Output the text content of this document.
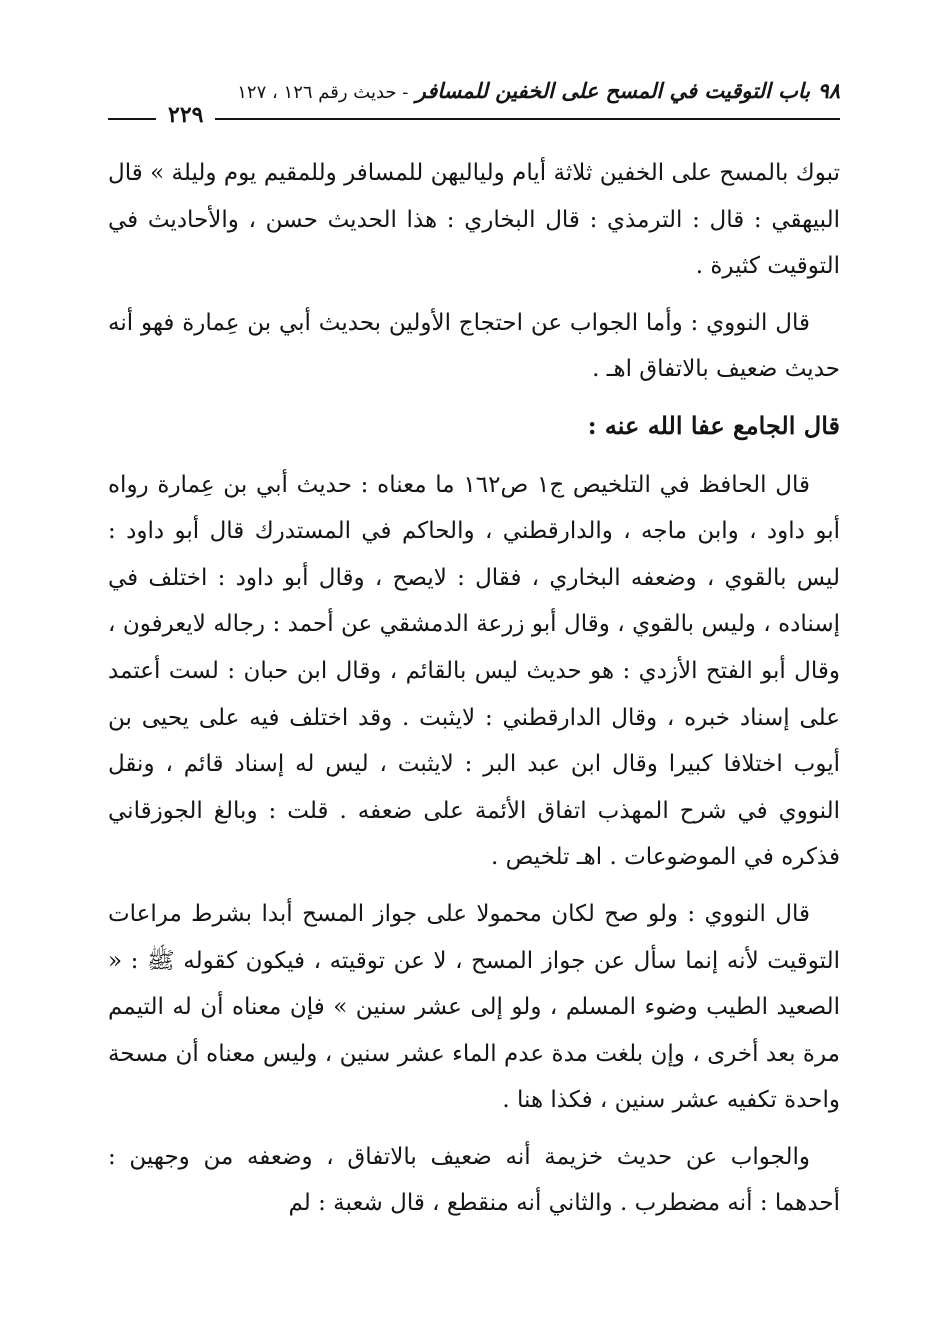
٩٨ باب التوقيت في المسح على الخفين للمسافر - حديث رقم ١٢٦ ، ١٢٧
٢٢٩

تبوك بالمسح على الخفين ثلاثة أيام ولياليهن للمسافر وللمقيم يوم وليلة » قال البيهقي : قال : الترمذي : قال البخاري : هذا الحديث حسن ، والأحاديث في التوقيت كثيرة .

قال النووي : وأما الجواب عن احتجاج الأولين بحديث أبي بن عِمارة فهو أنه حديث ضعيف بالاتفاق اهـ .

قال الجامع عفا الله عنه :

قال الحافظ في التلخيص ج١ ص١٦٢ ما معناه : حديث أبي بن عِمارة رواه أبو داود ، وابن ماجه ، والدارقطني ، والحاكم في المستدرك قال أبو داود : ليس بالقوي ، وضعفه البخاري ، فقال : لايصح ، وقال أبو داود : اختلف في إسناده ، وليس بالقوي ، وقال أبو زرعة الدمشقي عن أحمد : رجاله لايعرفون ، وقال أبو الفتح الأزدي : هو حديث ليس بالقائم ، وقال ابن حبان : لست أعتمد على إسناد خبره ، وقال الدارقطني : لايثبت . وقد اختلف فيه على يحيى بن أيوب اختلافا كبيرا وقال ابن عبد البر : لايثبت ، ليس له إسناد قائم ، ونقل النووي في شرح المهذب اتفاق الأئمة على ضعفه . قلت : وبالغ الجوزقاني فذكره في الموضوعات . اهـ تلخيص .

قال النووي : ولو صح لكان محمولا على جواز المسح أبدا بشرط مراعات التوقيت لأنه إنما سأل عن جواز المسح ، لا عن توقيته ، فيكون كقوله ﷺ : « الصعيد الطيب وضوء المسلم ، ولو إلى عشر سنين » فإن معناه أن له التيمم مرة بعد أخرى ، وإن بلغت مدة عدم الماء عشر سنين ، وليس معناه أن مسحة واحدة تكفيه عشر سنين ، فكذا هنا .

والجواب عن حديث خزيمة أنه ضعيف بالاتفاق ، وضعفه من وجهين : أحدهما : أنه مضطرب . والثاني أنه منقطع ، قال شعبة : لم
